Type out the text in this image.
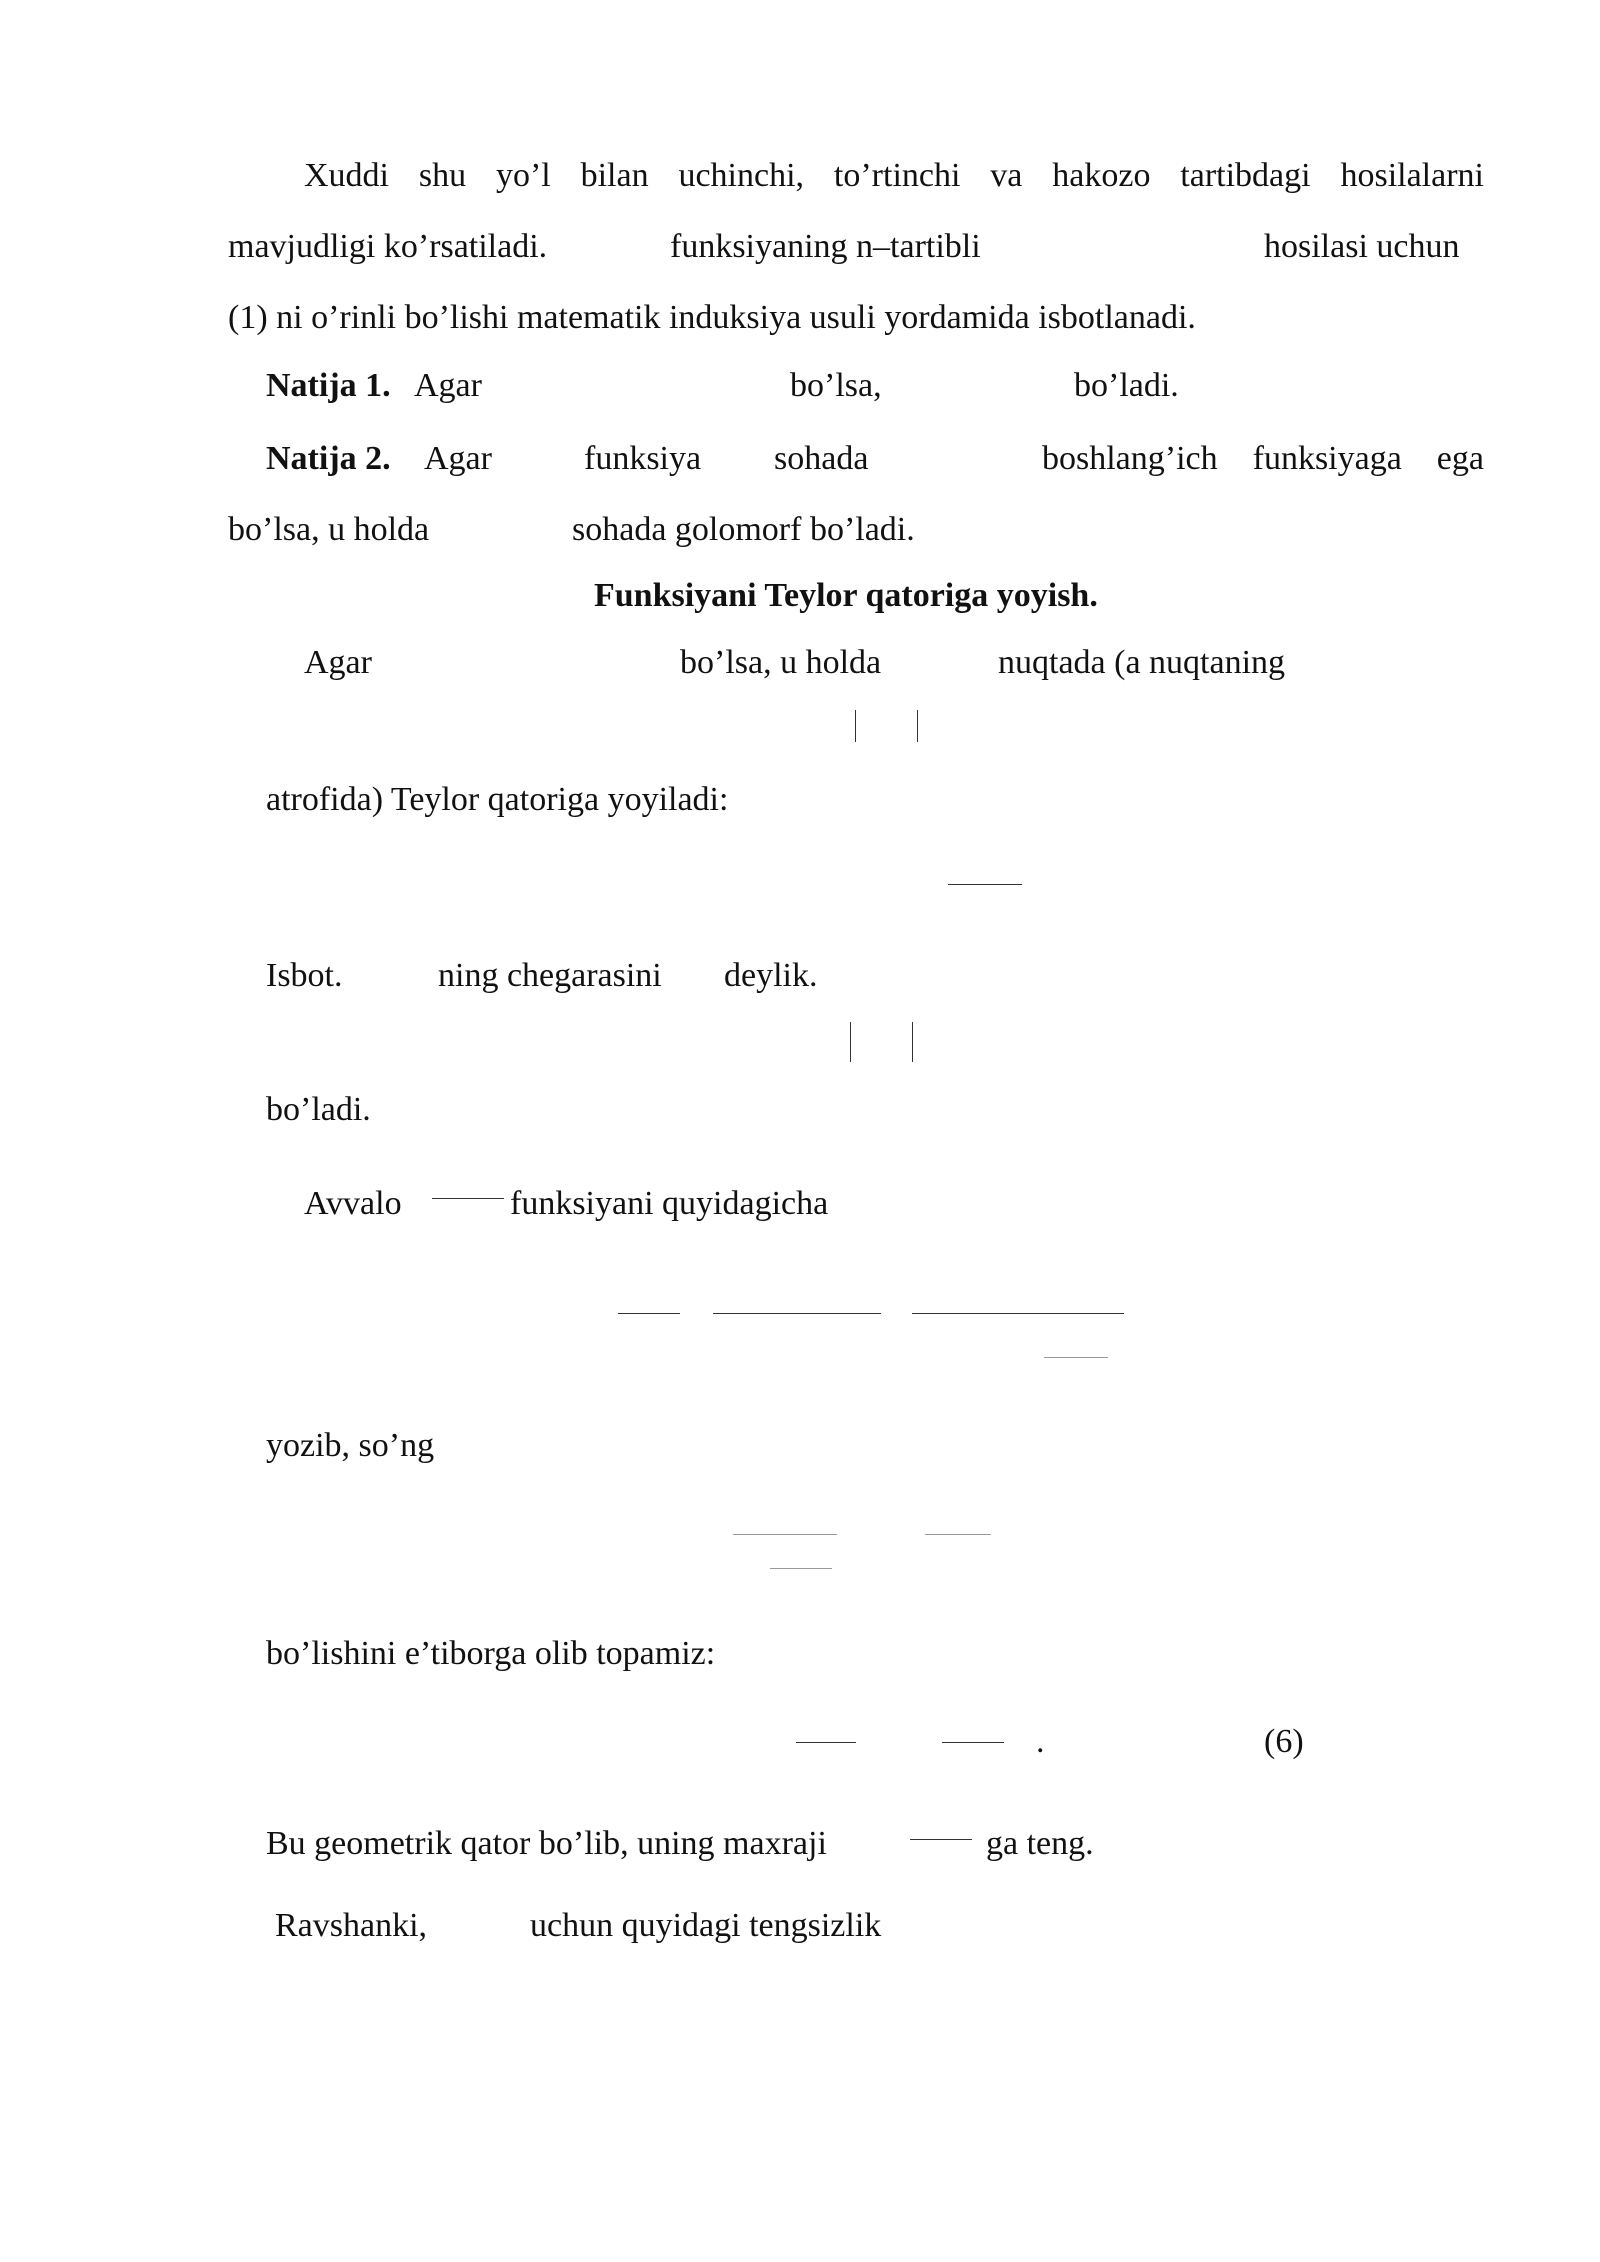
Xuddi shu yo’l bilan uchinchi, to’rtinchi va hakozo tartibdagi hosilalarni
mavjudligi ko’rsatiladi.	funksiyaning n–tartibli	hosilasi uchun
(1) ni o’rinli bo’lishi matematik induksiya usuli yordamida isbotlanadi.
Natija 1. Agar	bo’lsa,	bo’ladi.
Natija 2. Agar	funksiya sohada	boshlang’ich funksiyaga ega
bo’lsa, u holda	sohada golomorf bo’ladi.
Funksiyani Teylor qatoriga yoyish.
Agar	bo’lsa, u holda	nuqtada (a nuqtaning
atrofida) Teylor qatoriga yoyiladi:
Isbot.	ning chegarasini deylik.
bo’ladi.
Avvalo	funksiyani quyidagicha
yozib, so’ng
bo’lishini e’tiborga olib topamiz:
.	(6)
Bu geometrik qator bo’lib, uning maxraji	ga teng.
Ravshanki,	uchun quyidagi tengsizlik
